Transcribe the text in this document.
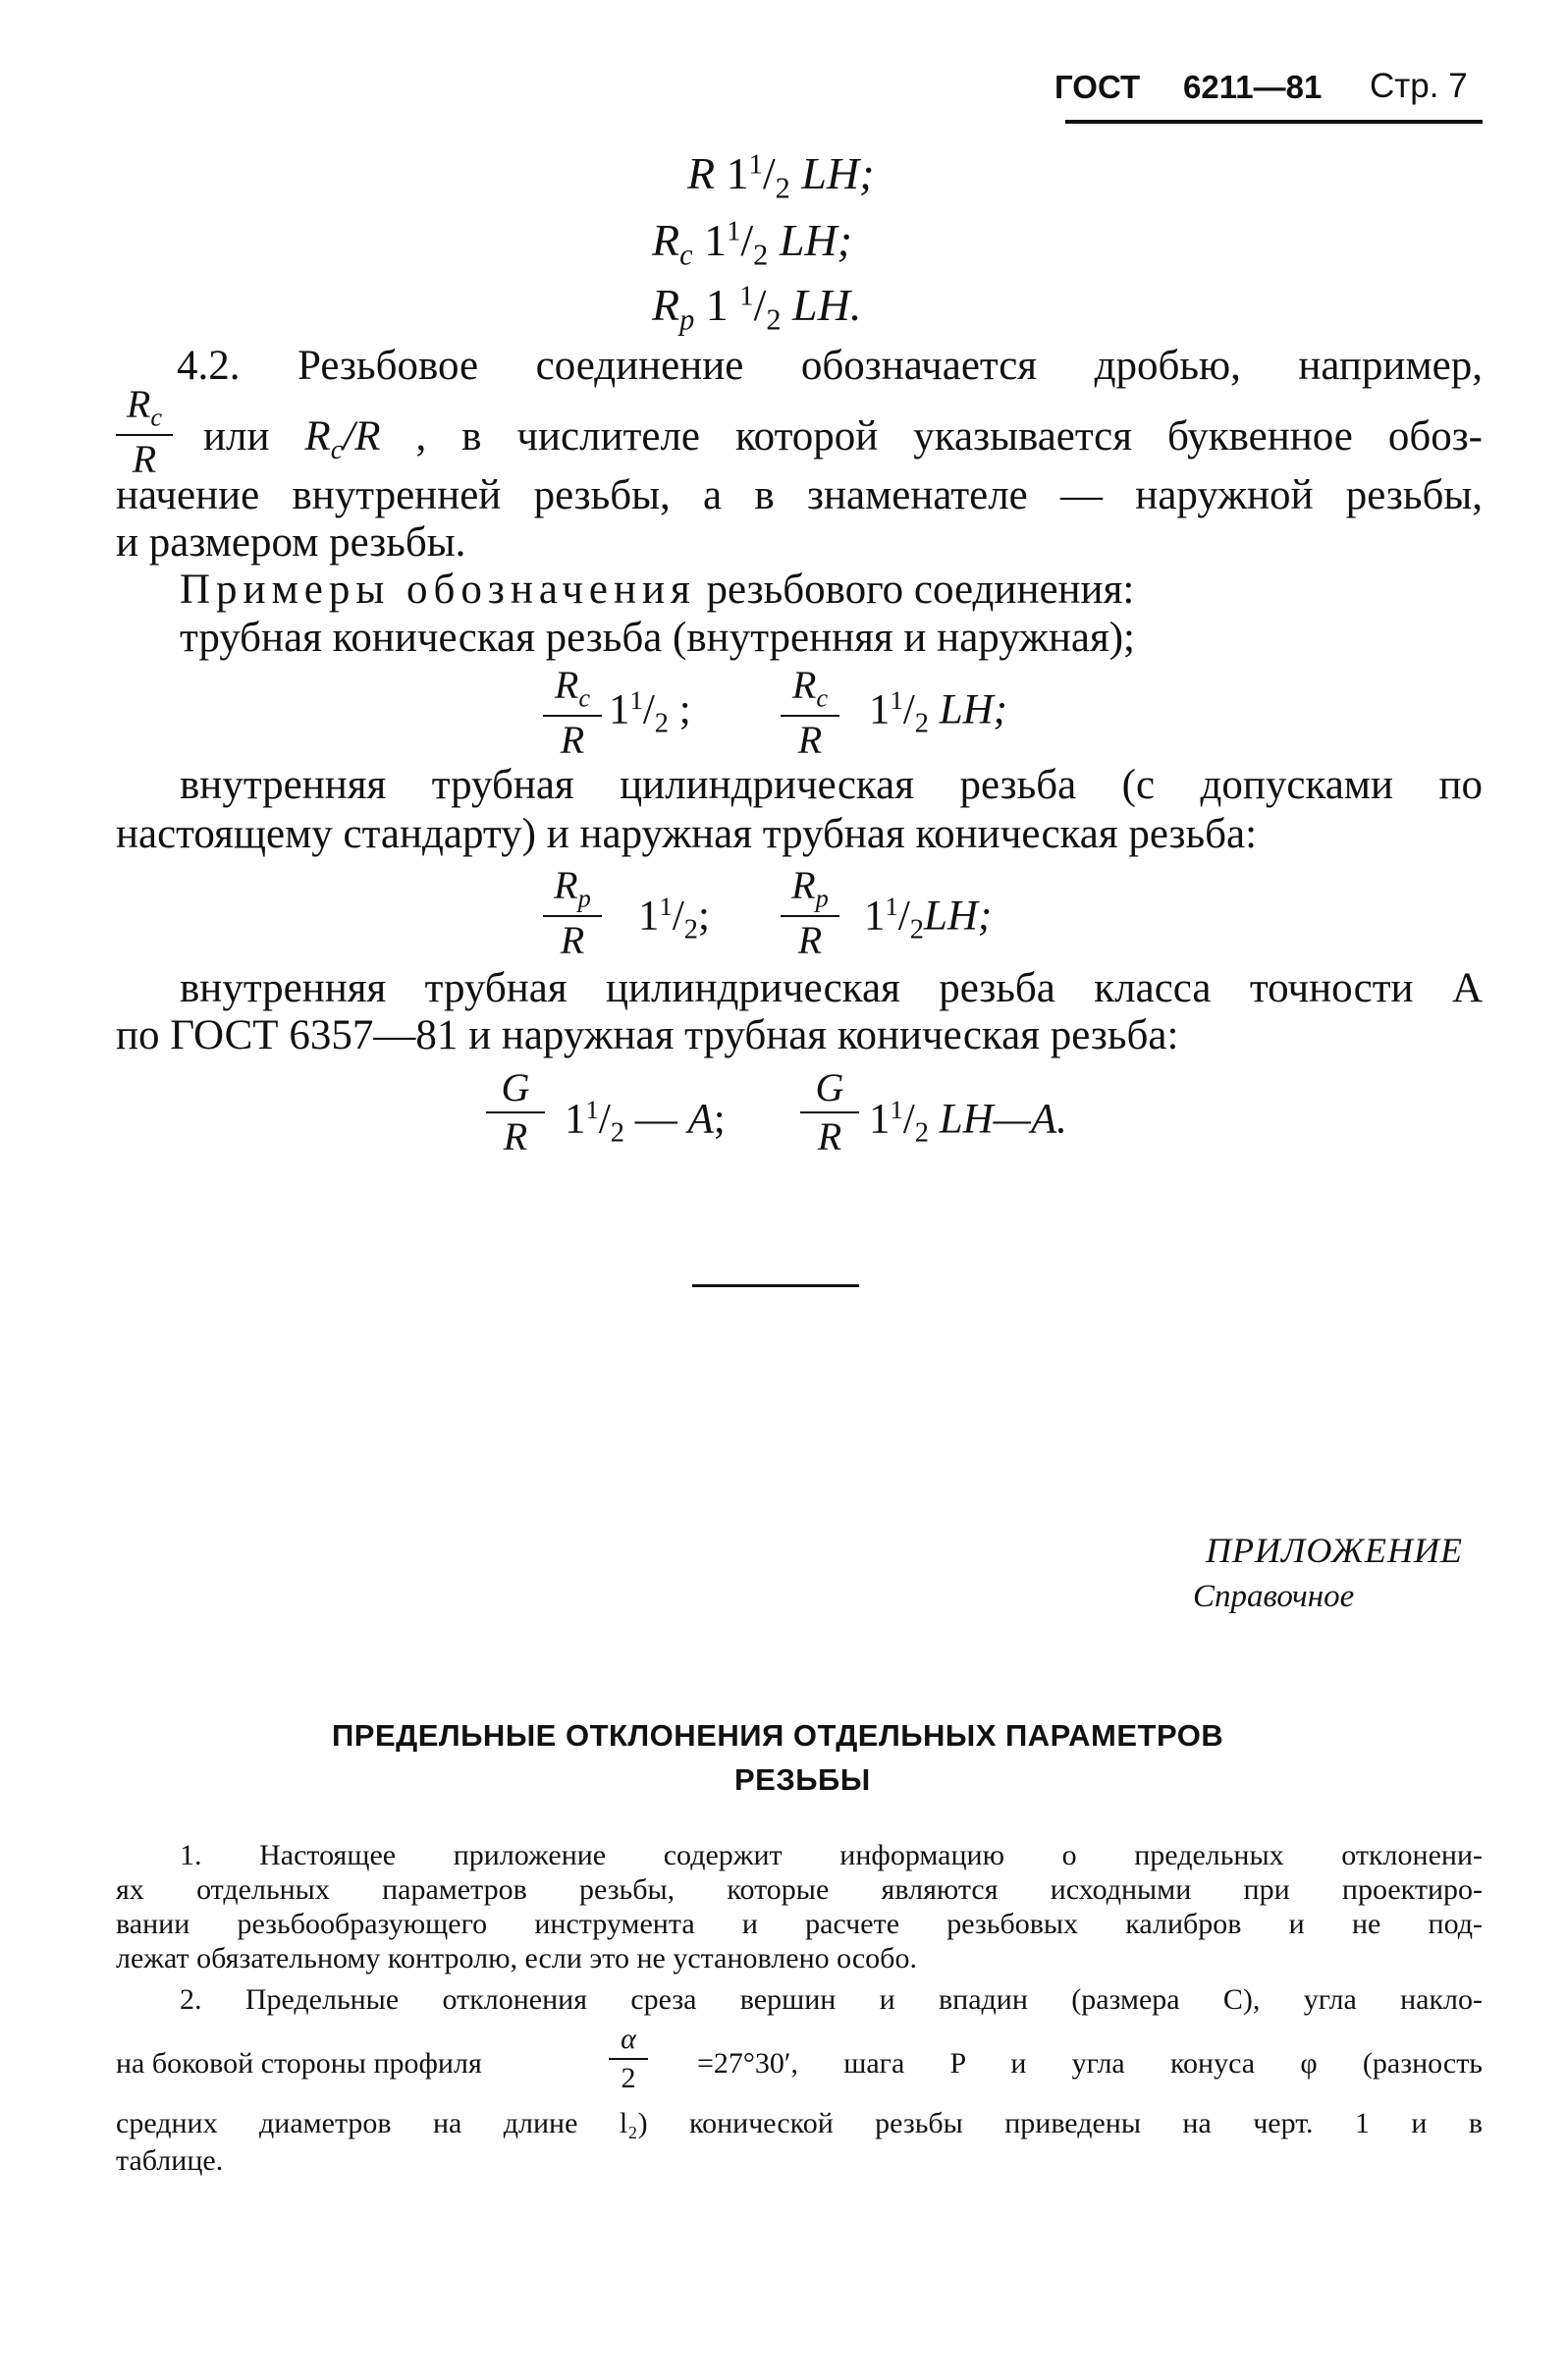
ГОСТ 6211—81 Стр. 7
R $1^1/_2$ LH;
$R_c$ $1^1/_2$ LH;
$R_p$ 1 $^1/_2$ LH.
4.2. Резьбовое соединение обозначается дробью, например,
$R_c$
R	или $R_c/R$ , в числителе которой указывается буквенное обоз-
начение внутренней резьбы, а в знаменателе — наружной резьбы,
и размером резьбы.
Примеры обозначения резьбового соединения:
трубная коническая резьба (внутренняя и наружная);
$R_c$
R
$1^1/_2$ ;
$R_c$
R
$1^1/_2$ LH;
внутренняя трубная цилиндрическая резьба (с допусками по
настоящему стандарту) и наружная трубная коническая резьба:
$R_p$
R
$1^1/_2$;
$R_p$
R
$1^1/_2LH$;
внутренняя трубная цилиндрическая резьба класса точности А
по ГОСТ 6357—81 и наружная трубная коническая резьба:
G
R $1^1/_2$ — A;
G
R $1^1/_2$ LH—A.
ПРИЛОЖЕНИЕ
Справочное
ПРЕДЕЛЬНЫЕ ОТКЛОНЕНИЯ ОТДЕЛЬНЫХ ПАРАМЕТРОВ
РЕЗЬБЫ
1. Настоящее приложение содержит информацию о предельных отклонени-
ях отдельных параметров резьбы, которые являются исходными при проектиро-
вании резьбообразующего инструмента и расчете резьбовых калибров и не под-
лежат обязательному контролю, если это не установлено особо.
2. Предельные отклонения среза вершин и впадин (размера C), угла накло-
на боковой стороны профиля
α
2	=27°30′, шага P и угла конуса φ (разность
средних диаметров на длине l₂) конической резьбы приведены на черт. 1 и в
таблице.
